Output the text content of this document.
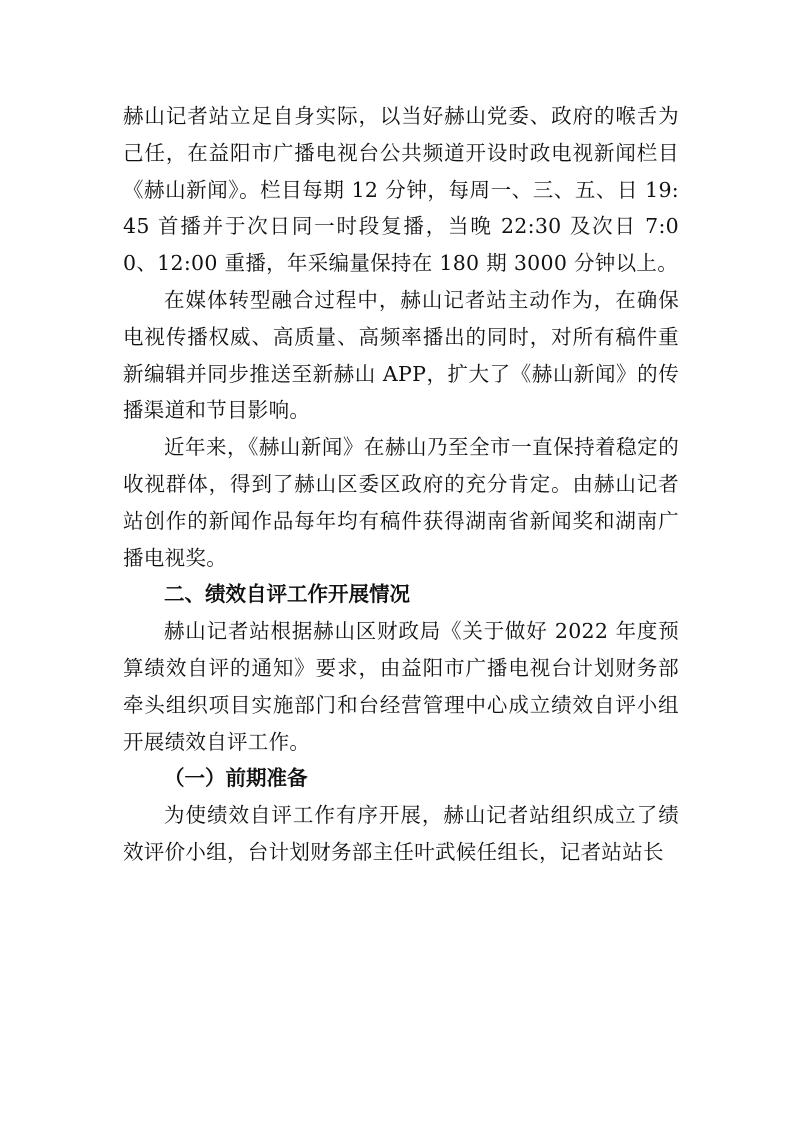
赫山记者站立足自身实际，以当好赫山党委、政府的喉舌为己任，在益阳市广播电视台公共频道开设时政电视新闻栏目《赫山新闻》。栏目每期 12 分钟，每周一、三、五、日 19:45 首播并于次日同一时段复播，当晚 22:30 及次日 7:00、12:00 重播，年采编量保持在 180 期 3000 分钟以上。

在媒体转型融合过程中，赫山记者站主动作为，在确保电视传播权威、高质量、高频率播出的同时，对所有稿件重新编辑并同步推送至新赫山 APP，扩大了《赫山新闻》的传播渠道和节目影响。

近年来，《赫山新闻》在赫山乃至全市一直保持着稳定的收视群体，得到了赫山区委区政府的充分肯定。由赫山记者站创作的新闻作品每年均有稿件获得湖南省新闻奖和湖南广播电视奖。

二、绩效自评工作开展情况

赫山记者站根据赫山区财政局《关于做好 2022 年度预算绩效自评的通知》要求，由益阳市广播电视台计划财务部牵头组织项目实施部门和台经营管理中心成立绩效自评小组开展绩效自评工作。

（一）前期准备

为使绩效自评工作有序开展，赫山记者站组织成立了绩效评价小组，台计划财务部主任叶武候任组长，记者站站长
